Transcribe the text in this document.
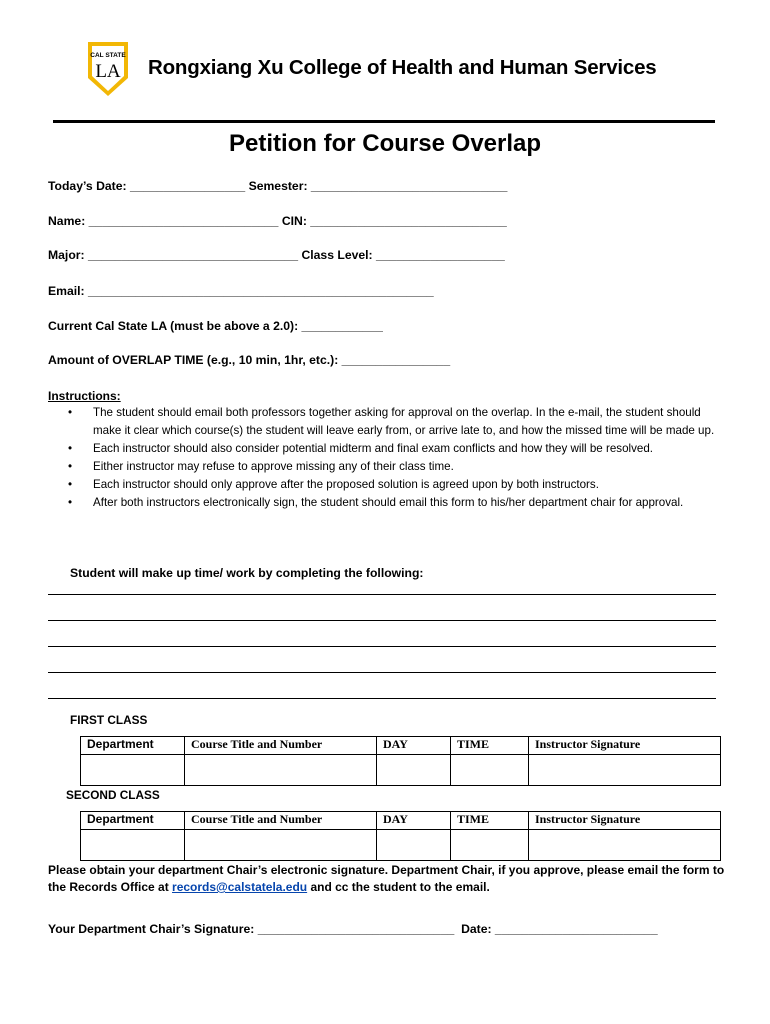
CAL STATE
LA Rongxiang Xu College of Health and Human Services
Petition for Course Overlap
Today’s Date: _________________ Semester: _____________________________
Name: ____________________________ CIN: _____________________________
Major: _______________________________ Class Level: ___________________
Email: ___________________________________________________
Current Cal State LA (must be above a 2.0): ____________
Amount of OVERLAP TIME (e.g., 10 min, 1hr, etc.): ________________
Instructions:
• The student should email both professors together asking for approval on the overlap. In the e-mail, the student should make it clear which course(s) the student will leave early from, or arrive late to, and how the missed time will be made up.
• Each instructor should also consider potential midterm and final exam conflicts and how they will be resolved.
• Either instructor may refuse to approve missing any of their class time.
• Each instructor should only approve after the proposed solution is agreed upon by both instructors.
• After both instructors electronically sign, the student should email this form to his/her department chair for approval.
Student will make up time/ work by completing the following:
FIRST CLASS
Department	Course Title and Number	DAY	TIME	Instructor Signature

SECOND CLASS
Department	Course Title and Number	DAY	TIME	Instructor Signature

Please obtain your department Chair’s electronic signature. Department Chair, if you approve, please email the form to the Records Office at records@calstatela.edu and cc the student to the email.
Your Department Chair’s Signature: _____________________________ Date: ________________________
